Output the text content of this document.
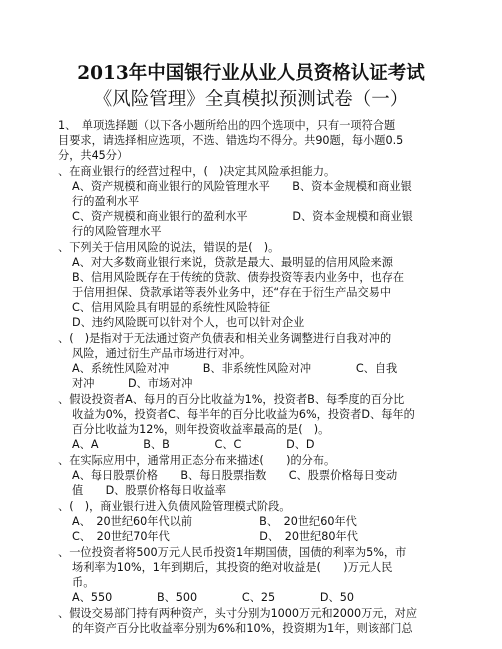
2013年中国银行业从业人员资格认证考试
《风险管理》全真模拟预测试卷（一）
1、　单项选择题（以下各小题所给出的四个选项中，只有一项符合题
目要求，请选择相应选项，不选、错选均不得分。共90题，每小题0.5
分，共45分）
、在商业银行的经营过程中，(　)决定其风险承担能力。
A、资产规模和商业银行的风险管理水平　　B、资本金规模和商业银
行的盈利水平
C、资产规模和商业银行的盈利水平　　　　D、资本金规模和商业银
行的风险管理水平
、下列关于信用风险的说法，错误的是(　)。
A、对大多数商业银行来说，贷款是最大、最明显的信用风险来源
B、信用风险既存在于传统的贷款、债券投资等表内业务中，也存在
于信用担保、贷款承诺等表外业务中，还“存在于衍生产品交易中
C、信用风险具有明显的系统性风险特征
D、违约风险既可以针对个人，也可以针对企业
、(　)是指对于无法通过资产负债表和相关业务调整进行自我对冲的
风险，通过衍生产品市场进行对冲。
A、系统性风险对冲　　　B、非系统性风险对冲　　　　C、自我
对冲　　　D、市场对冲
、假设投资者A、每月的百分比收益为1%，投资者B、每季度的百分比
收益为0%，投资者C、每半年的百分比收益为6%，投资者D、每年的
百分比收益为12%，则年投资收益率最高的是(　)。
A、A　　　　B、B　　　　C、C　　　　D、D
、在实际应用中，通常用正态分布来描述(　　)的分布。
A、每日股票价格　　B、每日股票指数　　C、股票价格每日变动
值　　D、股票价格每日收益率
、(　)，商业银行进入负债风险管理模式阶段。
A、　20世纪60年代以前　　　　　　B、　20世纪60年代
C、　20世纪70年代　　　　　　　　D、　20世纪80年代
、一位投资者将500万元人民币投资1年期国债，国债的利率为5%，市
场利率为10%，1年到期后，其投资的绝对收益是(　　)万元人民
币。
A、550　　　　B、500　　　　C、25　　　　D、50
、假设交易部门持有两种资产，头寸分别为1000万元和2000万元，对应
的年资产百分比收益率分别为6%和10%，投资期为1年，则该部门总
